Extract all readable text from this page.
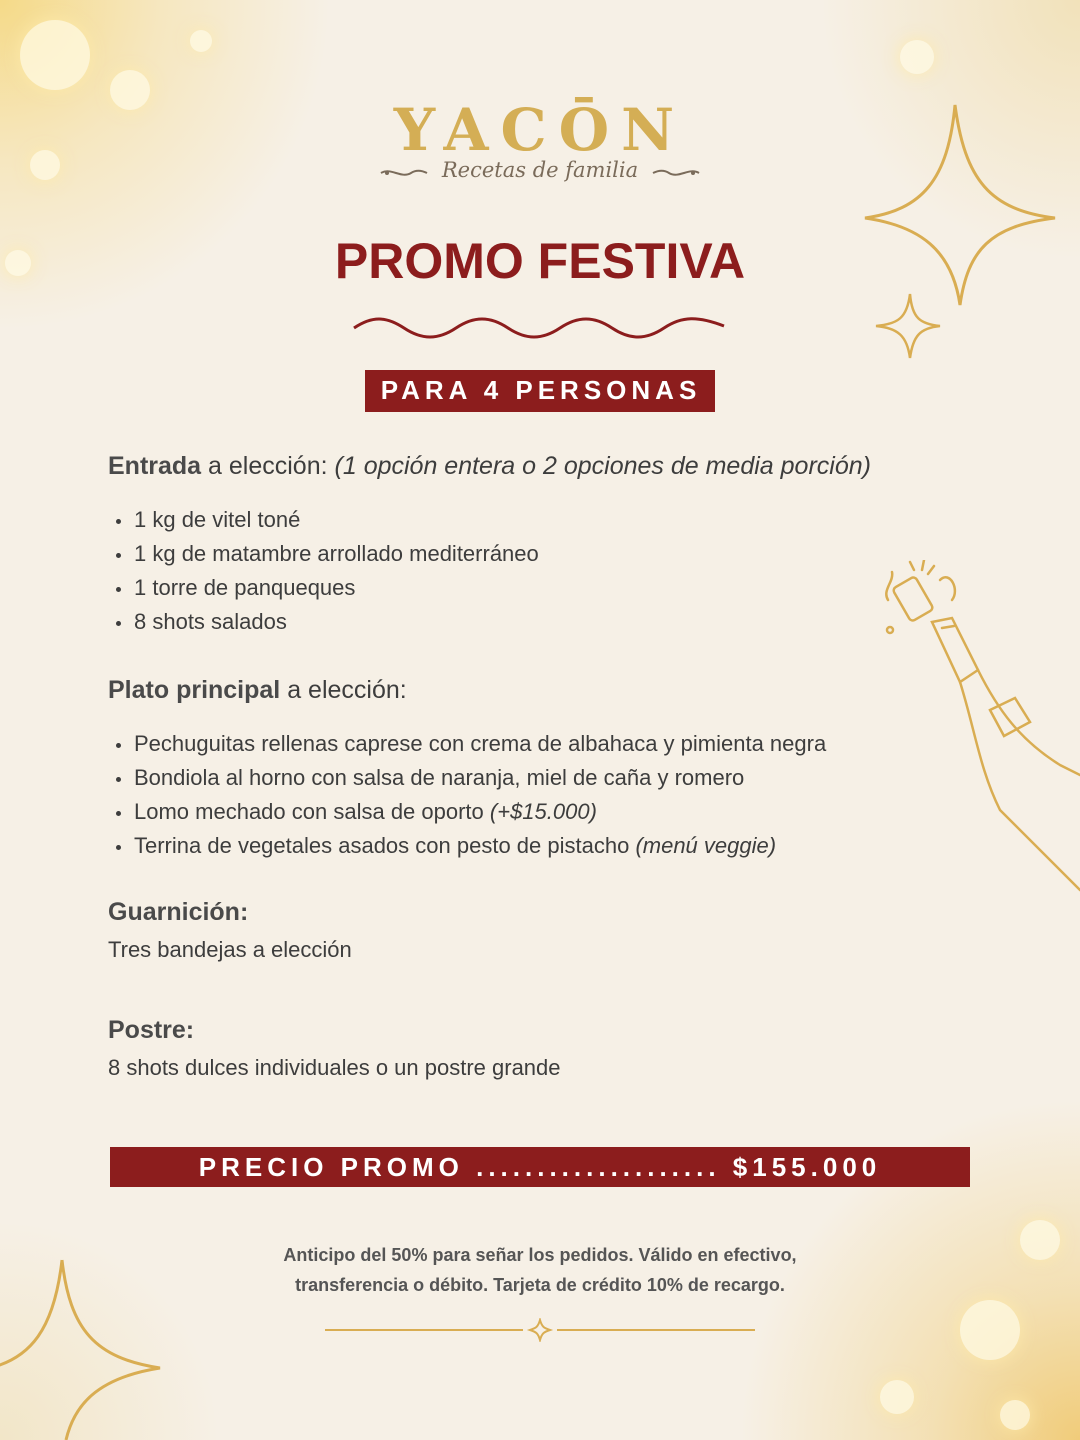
YACŌN
Recetas de familia
PROMO FESTIVA
PARA 4 PERSONAS
Entrada a elección: (1 opción entera o 2 opciones de media porción)
1 kg de vitel toné
1 kg de matambre arrollado mediterráneo
1 torre de panqueques
8 shots salados
Plato principal a elección:
Pechuguitas rellenas caprese con crema de albahaca y pimienta negra
Bondiola al horno con salsa de naranja, miel de caña y romero
Lomo mechado con salsa de oporto (+$15.000)
Terrina de vegetales asados con pesto de pistacho (menú veggie)
Guarnición:
Tres bandejas a elección
Postre:
8 shots dulces individuales o un postre grande
PRECIO PROMO .................... $155.000
Anticipo del 50% para señar los pedidos. Válido en efectivo,
transferencia o débito. Tarjeta de crédito 10% de recargo.
